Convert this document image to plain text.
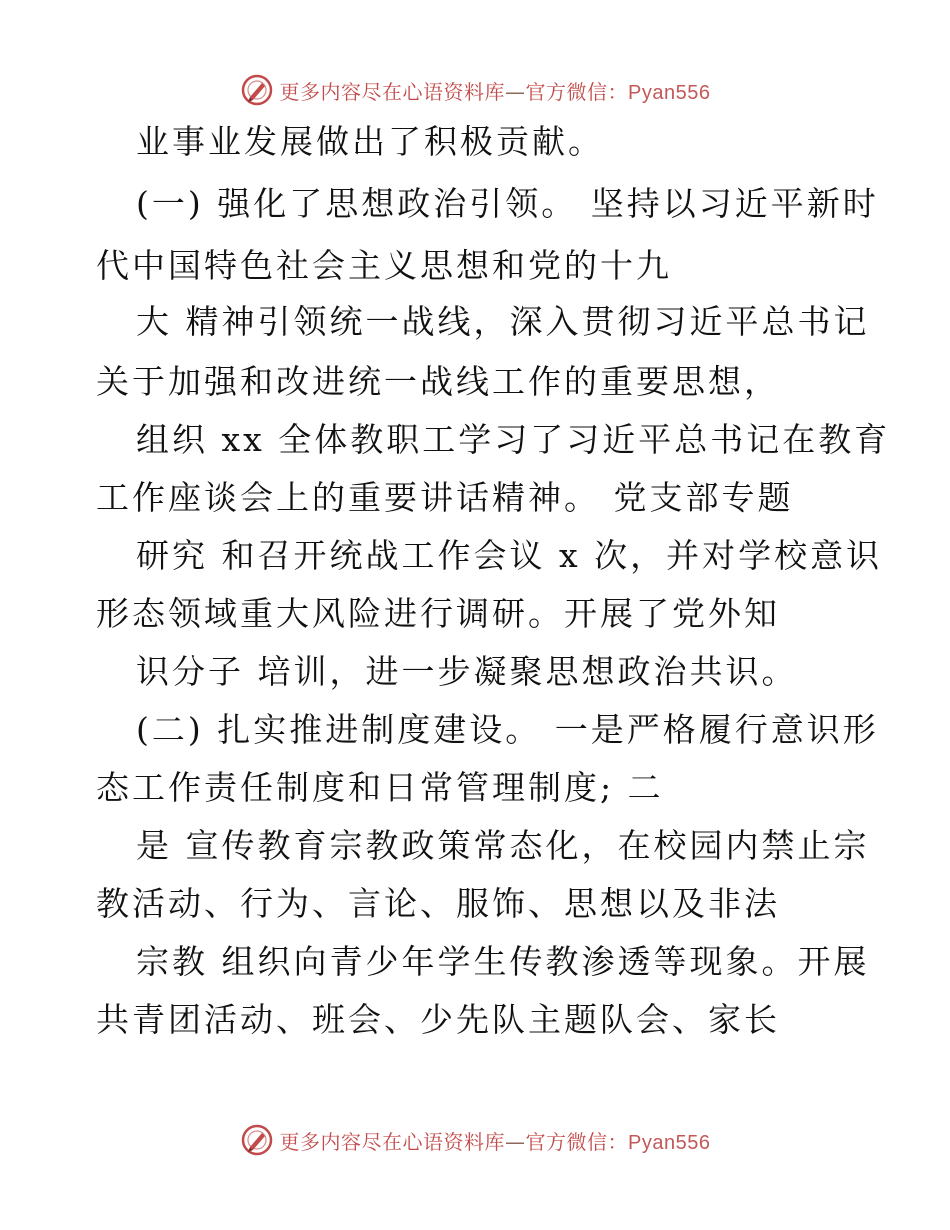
更多内容尽在心语资料库—官方微信：Pyan556
业事业发展做出了积极贡献。
(一) 强化了思想政治引领。 坚持以习近平新时
代中国特色社会主义思想和党的十九
大 精神引领统一战线，深入贯彻习近平总书记
关于加强和改进统一战线工作的重要思想，
组织 xx 全体教职工学习了习近平总书记在教育
工作座谈会上的重要讲话精神。 党支部专题
研究 和召开统战工作会议 x 次，并对学校意识
形态领域重大风险进行调研。开展了党外知
识分子 培训，进一步凝聚思想政治共识。
(二) 扎实推进制度建设。 一是严格履行意识形
态工作责任制度和日常管理制度; 二
是 宣传教育宗教政策常态化，在校园内禁止宗
教活动、行为、言论、服饰、思想以及非法
宗教 组织向青少年学生传教渗透等现象。开展
共青团活动、班会、少先队主题队会、家长
更多内容尽在心语资料库—官方微信：Pyan556
